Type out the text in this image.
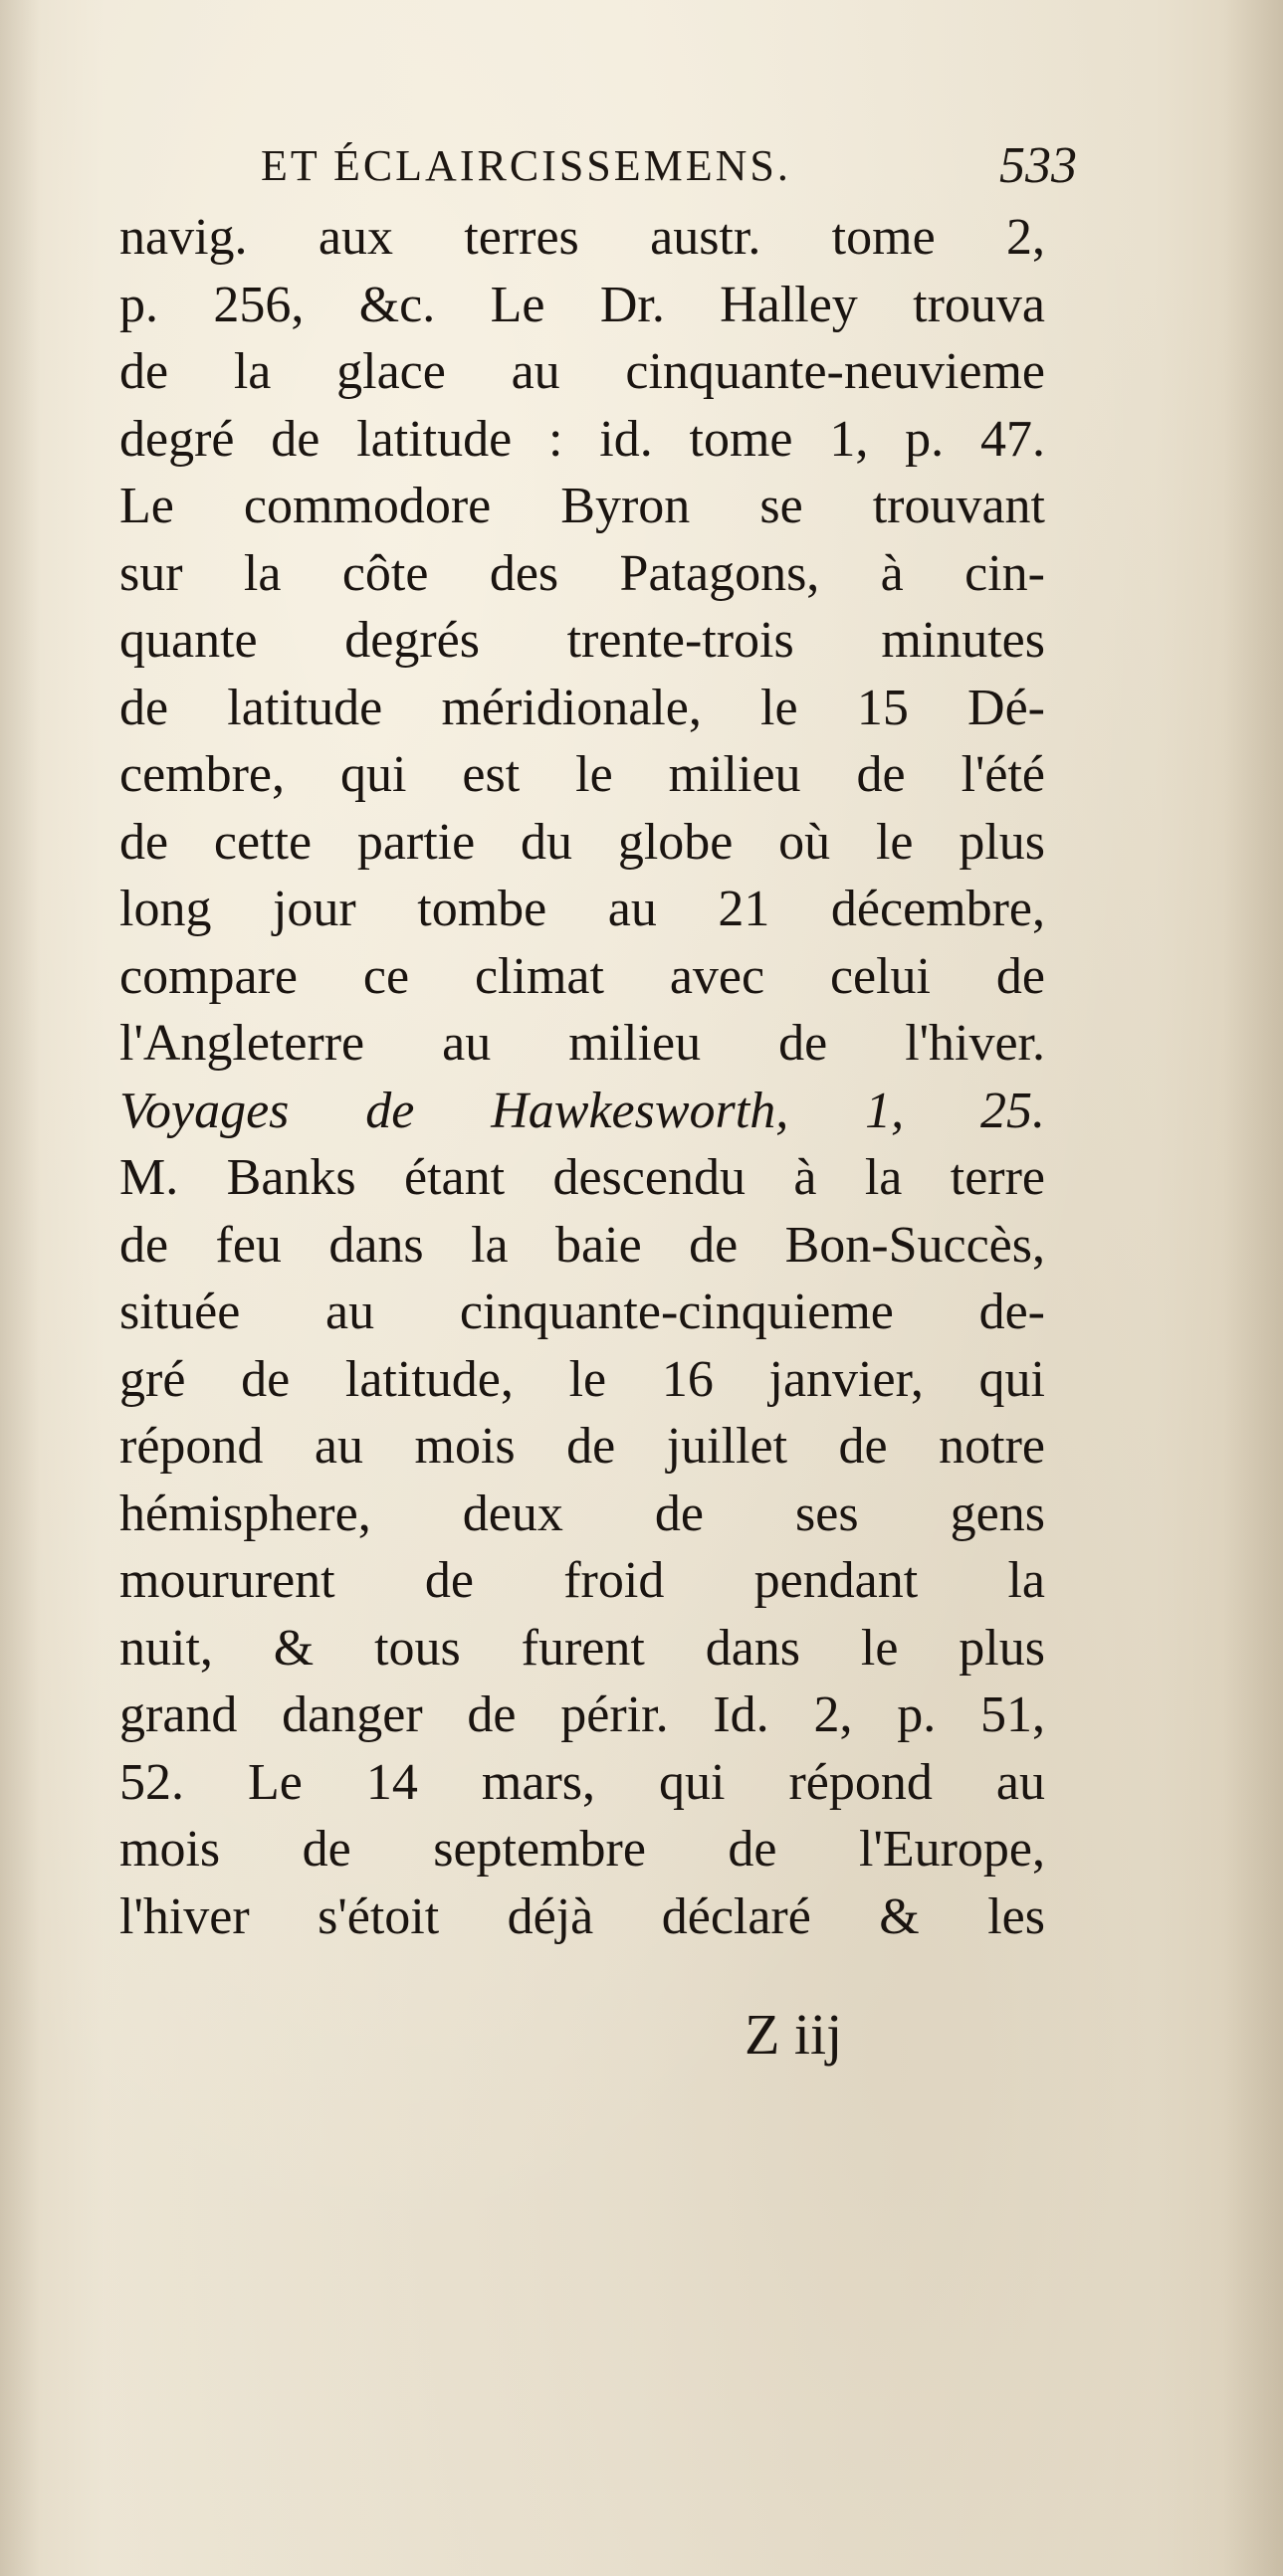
ET ÉCLAIRCISSEMENS.	533
navig. aux terres austr. tome 2,
p. 256, &c. Le Dr. Halley trouva
de la glace au cinquante-neuvieme
degré de latitude : id. tome 1, p. 47.
Le commodore Byron se trouvant
sur la côte des Patagons, à cin-
quante degrés trente-trois minutes
de latitude méridionale, le 15 Dé-
cembre, qui est le milieu de l'été
de cette partie du globe où le plus
long jour tombe au 21 décembre,
compare ce climat avec celui de
l'Angleterre au milieu de l'hiver.
Voyages de Hawkesworth, 1, 25.
M. Banks étant descendu à la terre
de feu dans la baie de Bon-Succès,
située au cinquante-cinquieme de-
gré de latitude, le 16 janvier, qui
répond au mois de juillet de notre
hémisphere, deux de ses gens
moururent de froid pendant la
nuit, & tous furent dans le plus
grand danger de périr. Id. 2, p. 51,
52. Le 14 mars, qui répond au
mois de septembre de l'Europe,
l'hiver s'étoit déjà déclaré & les
Z iij
